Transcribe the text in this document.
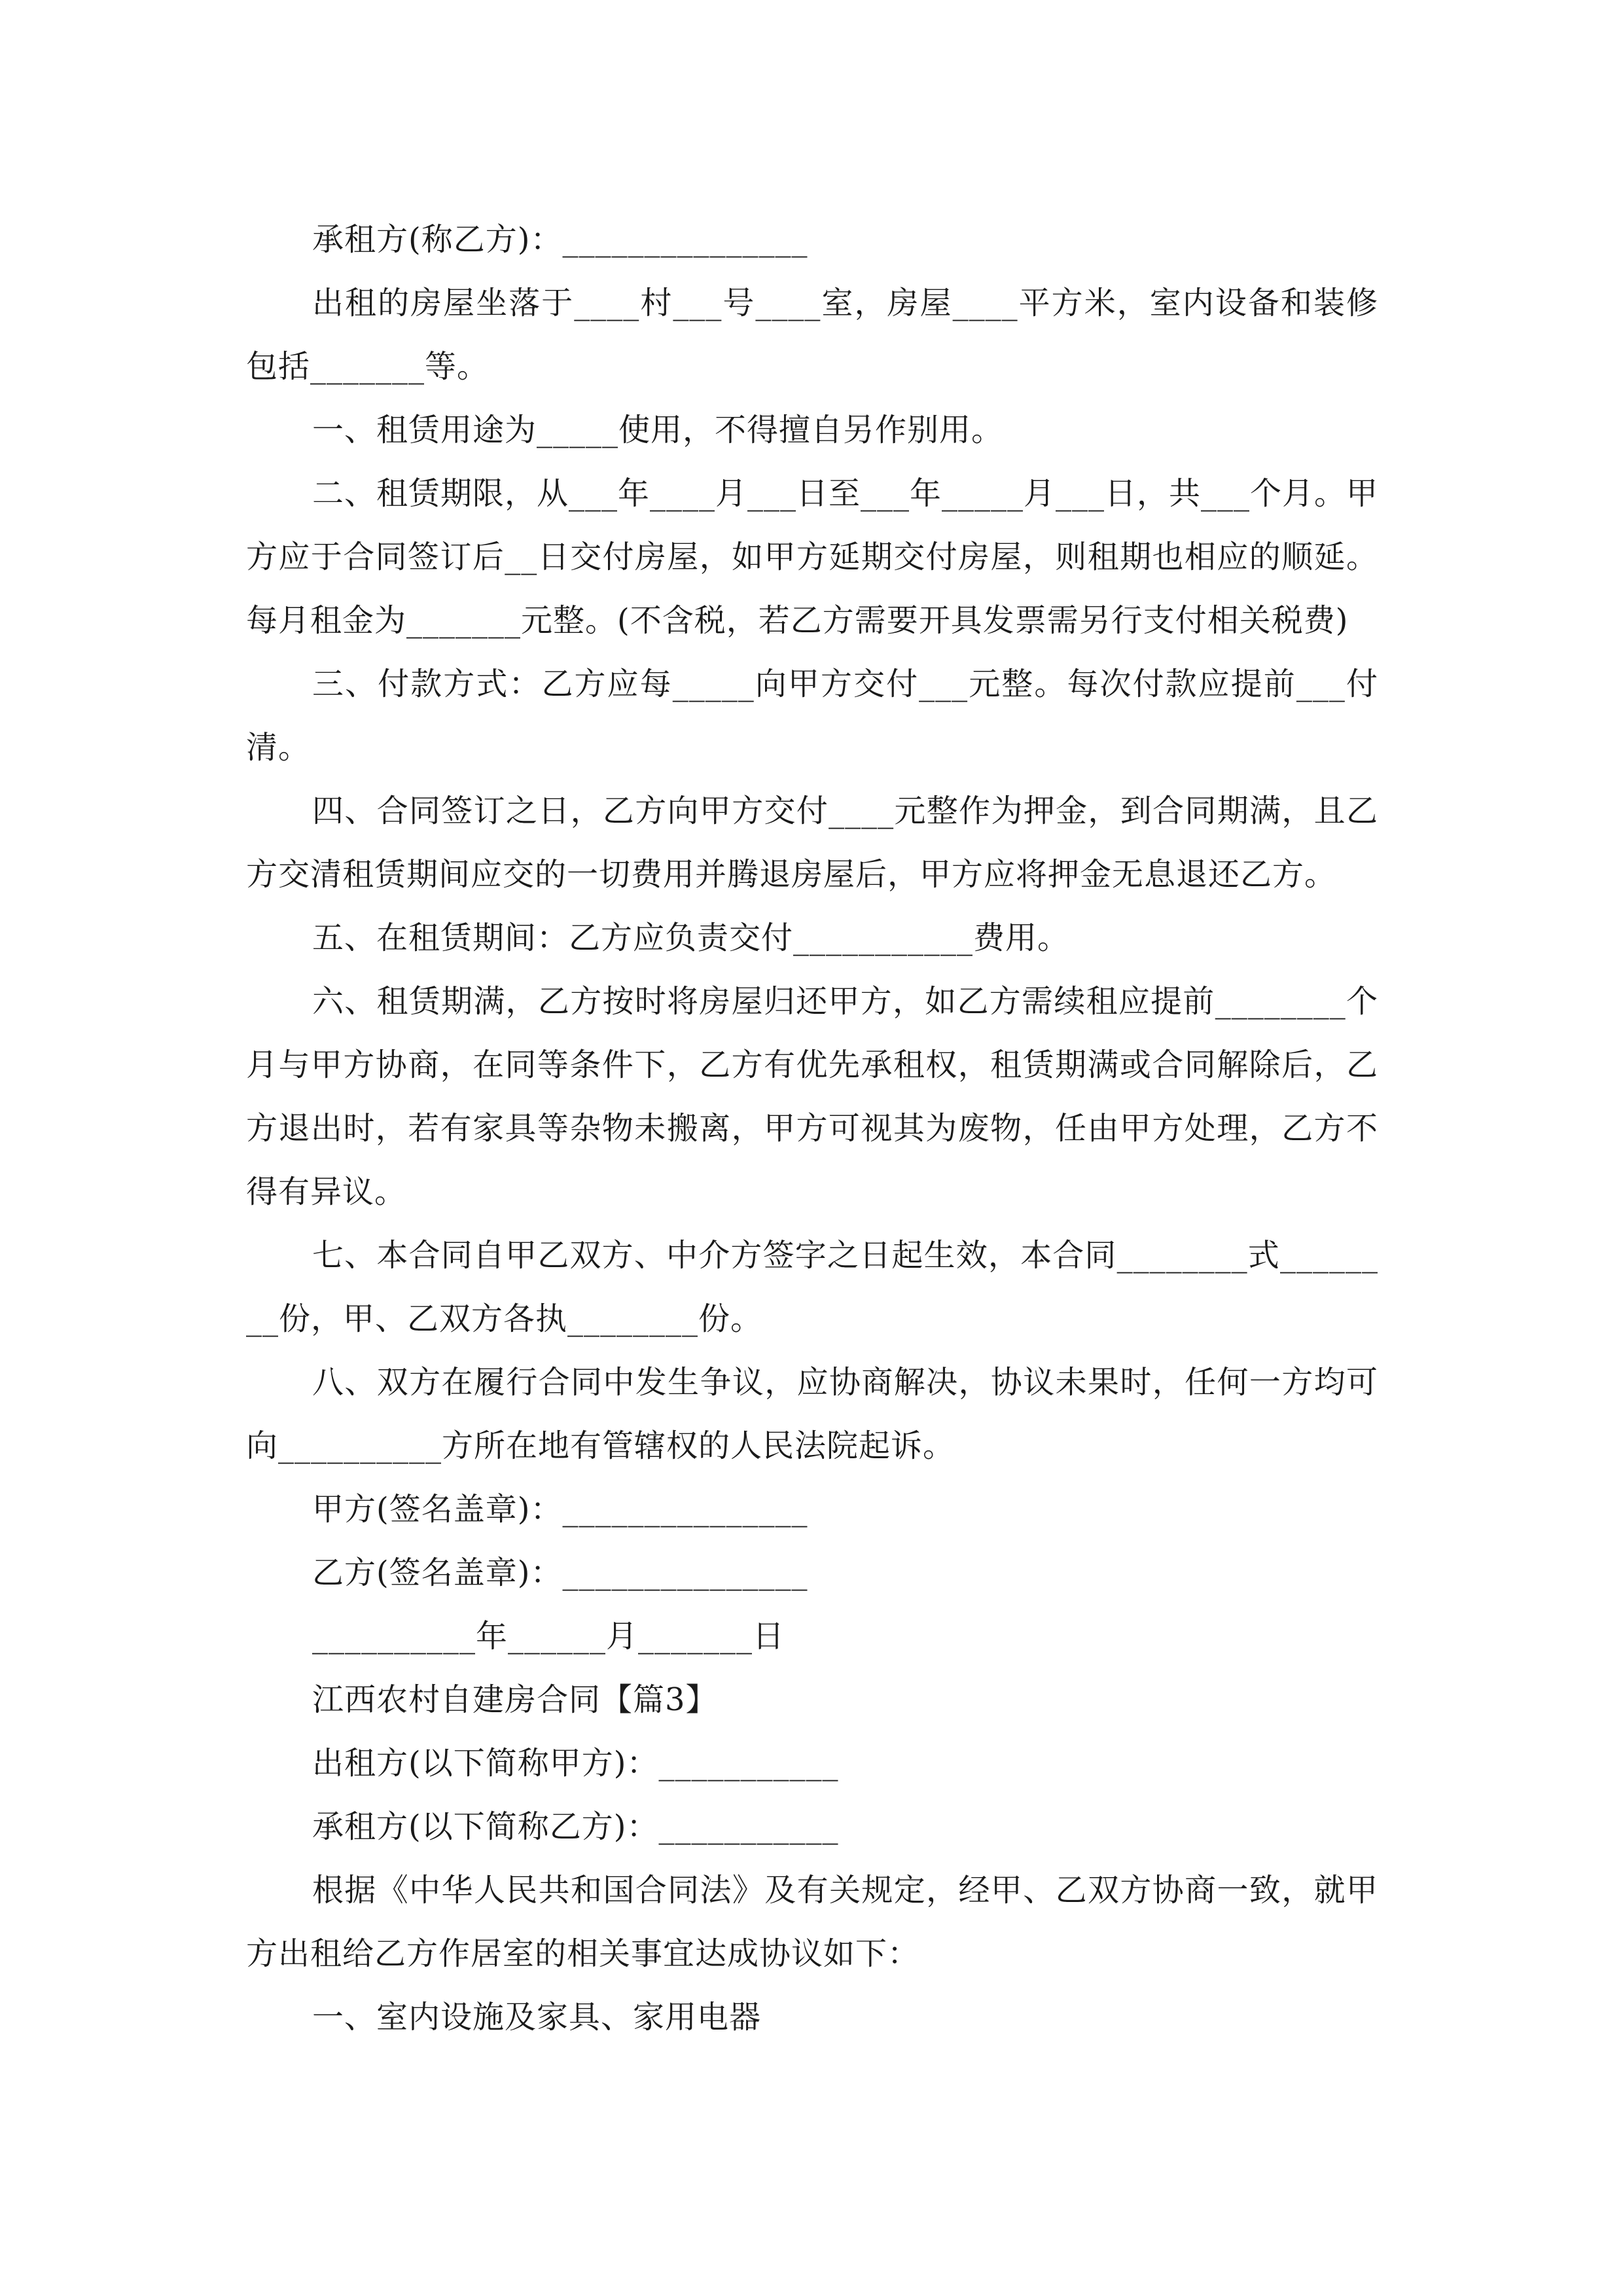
承租方(称乙方)：_______________

出租的房屋坐落于____村___号____室，房屋____平方米，室内设备和装修包括_______等。

一、租赁用途为_____使用，不得擅自另作别用。

二、租赁期限，从___年____月___日至___年_____月___日，共___个月。甲方应于合同签订后__日交付房屋，如甲方延期交付房屋，则租期也相应的顺延。每月租金为_______元整。(不含税，若乙方需要开具发票需另行支付相关税费)

三、付款方式：乙方应每_____向甲方交付___元整。每次付款应提前___付清。

四、合同签订之日，乙方向甲方交付____元整作为押金，到合同期满，且乙方交清租赁期间应交的一切费用并腾退房屋后，甲方应将押金无息退还乙方。

五、在租赁期间：乙方应负责交付___________费用。

六、租赁期满，乙方按时将房屋归还甲方，如乙方需续租应提前________个月与甲方协商，在同等条件下，乙方有优先承租权，租赁期满或合同解除后，乙方退出时，若有家具等杂物未搬离，甲方可视其为废物，任由甲方处理，乙方不得有异议。

七、本合同自甲乙双方、中介方签字之日起生效，本合同________式________份，甲、乙双方各执________份。

八、双方在履行合同中发生争议，应协商解决，协议未果时，任何一方均可向__________方所在地有管辖权的人民法院起诉。

甲方(签名盖章)：_______________

乙方(签名盖章)：_______________

__________年______月_______日

江西农村自建房合同【篇3】

出租方(以下简称甲方)：___________

承租方(以下简称乙方)：___________

根据《中华人民共和国合同法》及有关规定，经甲、乙双方协商一致，就甲方出租给乙方作居室的相关事宜达成协议如下：

一、室内设施及家具、家用电器
